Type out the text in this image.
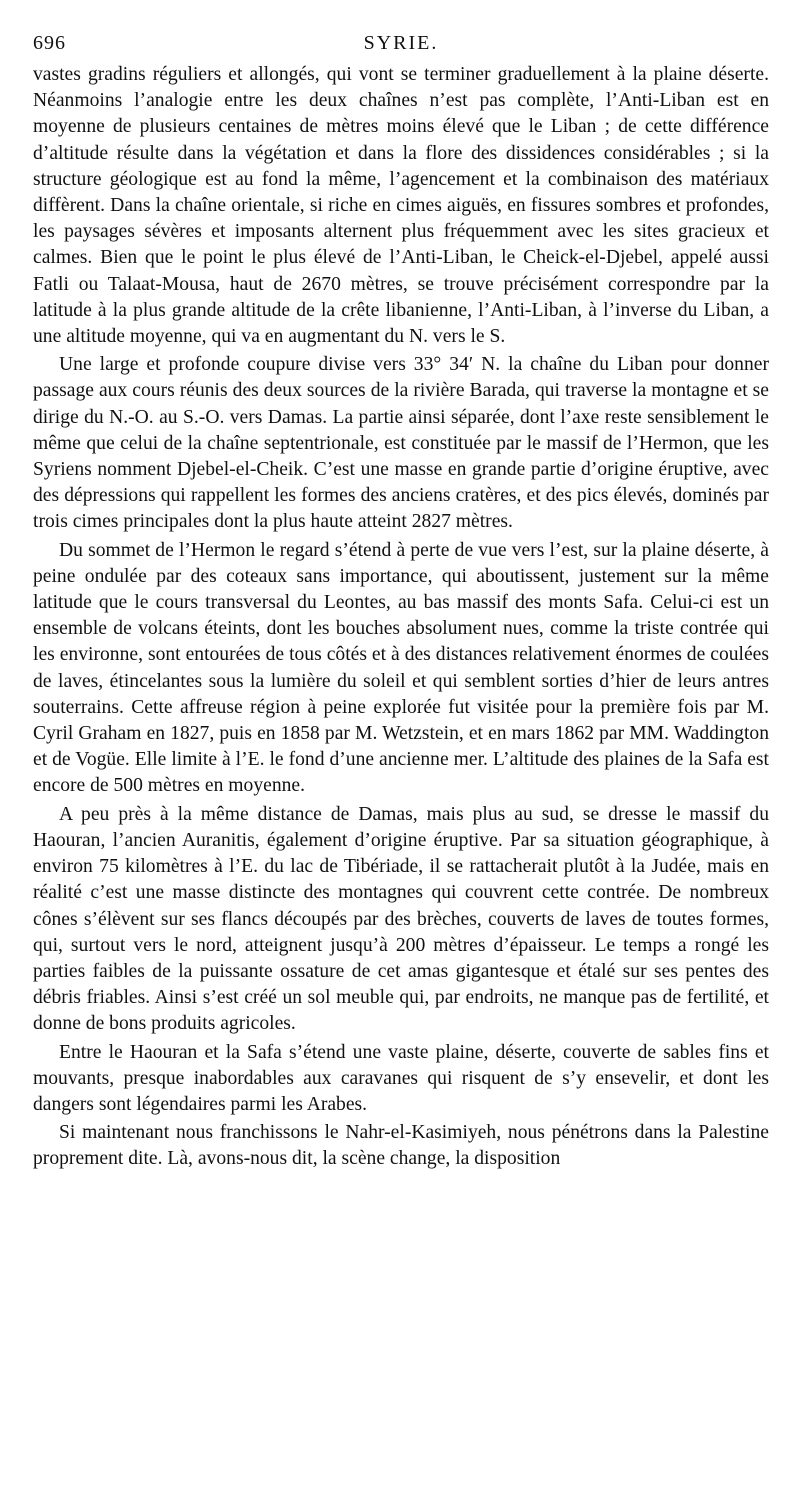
696	SYRIE.

vastes gradins réguliers et allongés, qui vont se terminer graduellement à la plaine déserte. Néanmoins l’analogie entre les deux chaînes n’est pas complète, l’Anti-Liban est en moyenne de plusieurs centaines de mètres moins élevé que le Liban ; de cette différence d’altitude résulte dans la végétation et dans la flore des dissidences considérables ; si la structure géologique est au fond la même, l’agencement et la combinaison des matériaux diffèrent. Dans la chaîne orientale, si riche en cimes aiguës, en fissures sombres et profondes, les paysages sévères et imposants alternent plus fréquemment avec les sites gracieux et calmes. Bien que le point le plus élevé de l’Anti-Liban, le Cheick-el-Djebel, appelé aussi Fatli ou Talaat-Mousa, haut de 2670 mètres, se trouve précisément correspondre par la latitude à la plus grande altitude de la crête libanienne, l’Anti-Liban, à l’inverse du Liban, a une altitude moyenne, qui va en augmentant du N. vers le S.

Une large et profonde coupure divise vers 33° 34′ N. la chaîne du Liban pour donner passage aux cours réunis des deux sources de la rivière Barada, qui traverse la montagne et se dirige du N.-O. au S.-O. vers Damas. La partie ainsi séparée, dont l’axe reste sensiblement le même que celui de la chaîne septentrionale, est constituée par le massif de l’Hermon, que les Syriens nomment Djebel-el-Cheik. C’est une masse en grande partie d’origine éruptive, avec des dépressions qui rappellent les formes des anciens cratères, et des pics élevés, dominés par trois cimes principales dont la plus haute atteint 2827 mètres.

Du sommet de l’Hermon le regard s’étend à perte de vue vers l’est, sur la plaine déserte, à peine ondulée par des coteaux sans importance, qui aboutissent, justement sur la même latitude que le cours transversal du Leontes, au bas massif des monts Safa. Celui-ci est un ensemble de volcans éteints, dont les bouches absolument nues, comme la triste contrée qui les environne, sont entourées de tous côtés et à des distances relativement énormes de coulées de laves, étincelantes sous la lumière du soleil et qui semblent sorties d’hier de leurs antres souterrains. Cette affreuse région à peine explorée fut visitée pour la première fois par M. Cyril Graham en 1827, puis en 1858 par M. Wetzstein, et en mars 1862 par MM. Waddington et de Vogüe. Elle limite à l’E. le fond d’une ancienne mer. L’altitude des plaines de la Safa est encore de 500 mètres en moyenne.

A peu près à la même distance de Damas, mais plus au sud, se dresse le massif du Haouran, l’ancien Auranitis, également d’origine éruptive. Par sa situation géographique, à environ 75 kilomètres à l’E. du lac de Tibériade, il se rattacherait plutôt à la Judée, mais en réalité c’est une masse distincte des montagnes qui couvrent cette contrée. De nombreux cônes s’élèvent sur ses flancs découpés par des brèches, couverts de laves de toutes formes, qui, surtout vers le nord, atteignent jusqu’à 200 mètres d’épaisseur. Le temps a rongé les parties faibles de la puissante ossature de cet amas gigantesque et étalé sur ses pentes des débris friables. Ainsi s’est créé un sol meuble qui, par endroits, ne manque pas de fertilité, et donne de bons produits agricoles.

Entre le Haouran et la Safa s’étend une vaste plaine, déserte, couverte de sables fins et mouvants, presque inabordables aux caravanes qui risquent de s’y ensevelir, et dont les dangers sont légendaires parmi les Arabes.

Si maintenant nous franchissons le Nahr-el-Kasimiyeh, nous pénétrons dans la Palestine proprement dite. Là, avons-nous dit, la scène change, la disposition
